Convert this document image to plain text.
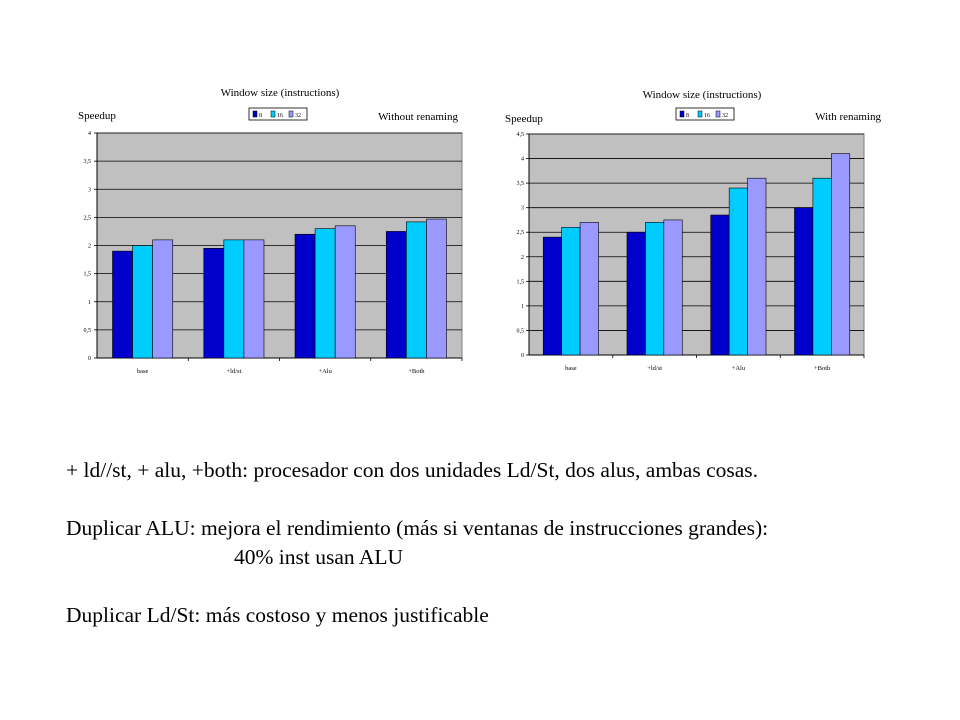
0
0,5
1
1,5
2
2,5
3
3,5
4
base	+ld/st	+Alu	+Both
Window size (instructions)
Speedup	Without renaming
8	16 32
0
0,5
1
1,5
2
2,5
3
3,5
4
4,5
base	+ld/st	+Alu	+Both
Window size (instructions)
Speedup	With renaming
8	16 32

+ ld//st, + alu, +both: procesador con dos unidades Ld/St, dos alus, ambas cosas.

Duplicar ALU: mejora el rendimiento (más si ventanas de instrucciones grandes):

40% inst usan ALU

Duplicar Ld/St: más costoso y menos justificable
